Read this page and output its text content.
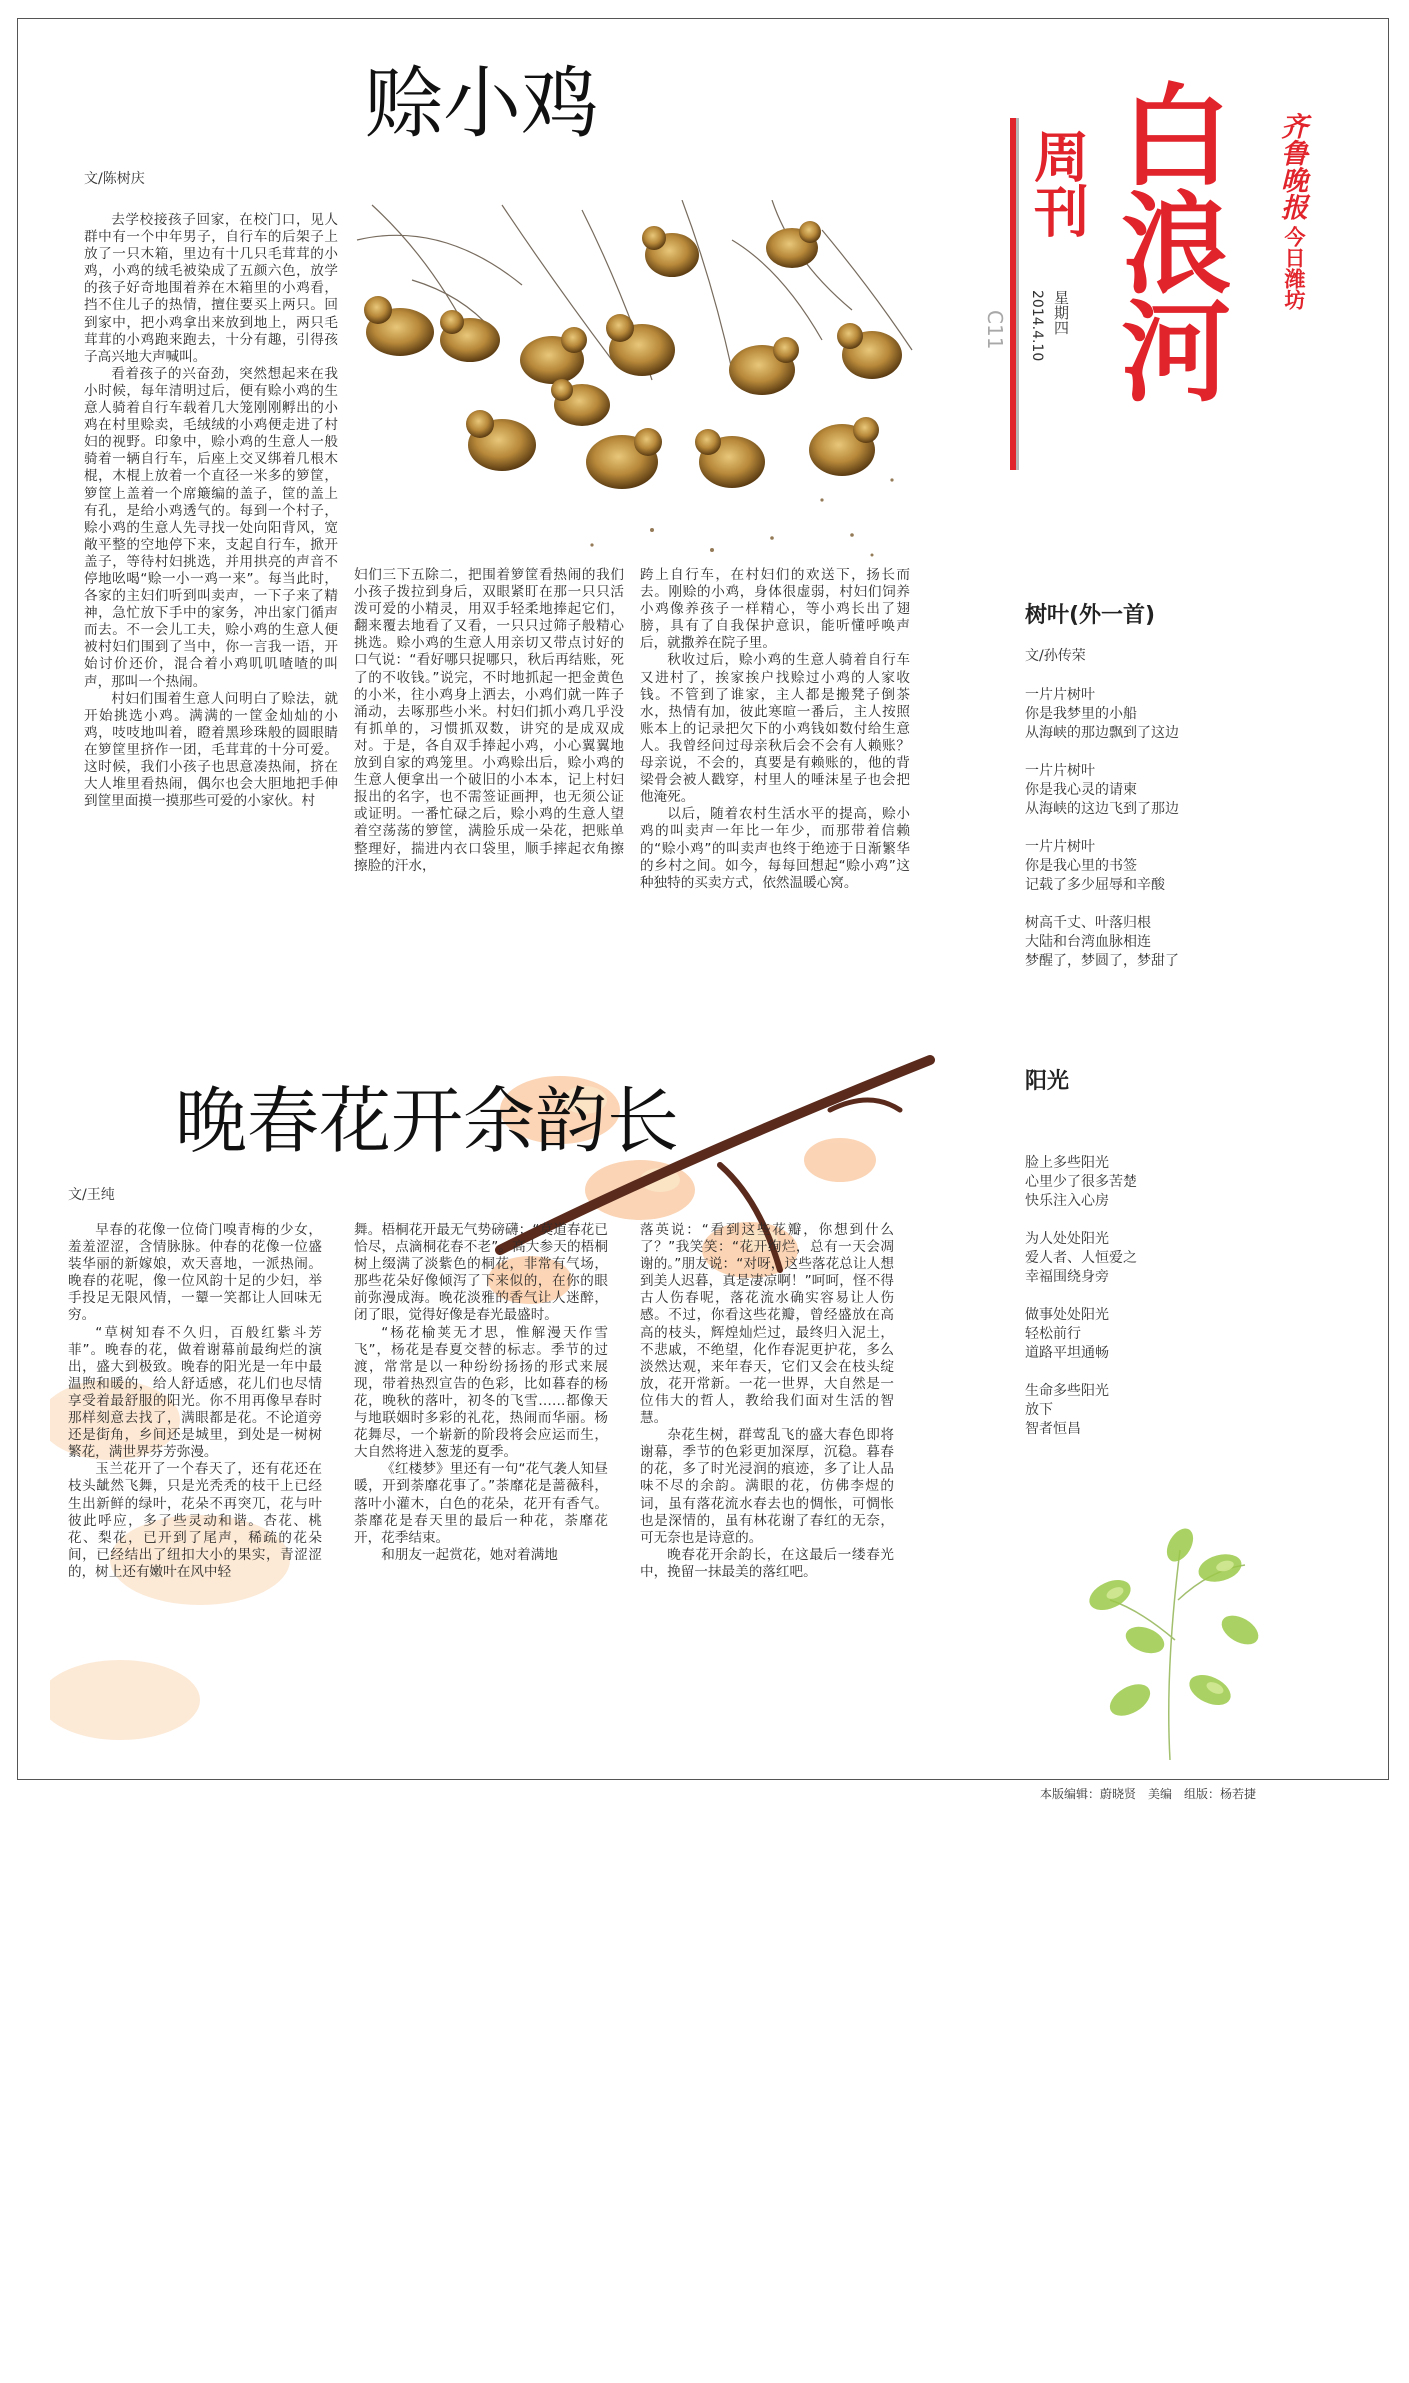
白浪河 齐鲁晚报
今日潍坊
周刊
星期四
2014.4.10
C11
赊小鸡
文/陈树庆

去学校接孩子回家，在校门口，见人群中有一个中年男子，自行车的后架子上放了一只木箱，里边有十几只毛茸茸的小鸡，小鸡的绒毛被染成了五颜六色，放学的孩子好奇地围着养在木箱里的小鸡看，挡不住儿子的热情，擅住要买上两只。回到家中，把小鸡拿出来放到地上，两只毛茸茸的小鸡跑来跑去，十分有趣，引得孩子高兴地大声喊叫。

看着孩子的兴奋劲，突然想起来在我小时候，每年清明过后，便有赊小鸡的生意人骑着自行车载着几大笼刚刚孵出的小鸡在村里赊卖，毛绒绒的小鸡便走进了村妇的视野。印象中，赊小鸡的生意人一般骑着一辆自行车，后座上交叉绑着几根木棍，木棍上放着一个直径一米多的箩筐，箩筐上盖着一个席簸编的盖子，筐的盖上有孔，是给小鸡透气的。每到一个村子，赊小鸡的生意人先寻找一处向阳背风，宽敞平整的空地停下来，支起自行车，掀开盖子，等待村妇挑选，并用拱亮的声音不停地吆喝“赊一小一鸡一来”。每当此时，各家的主妇们听到叫卖声，一下子来了精神，急忙放下手中的家务，冲出家门循声而去。不一会儿工夫，赊小鸡的生意人便被村妇们围到了当中，你一言我一语，开始讨价还价，混合着小鸡叽叽喳喳的叫声，那叫一个热闹。

村妇们围着生意人问明白了赊法，就开始挑选小鸡。满满的一筐金灿灿的小鸡，吱吱地叫着，瞪着黑珍珠般的圆眼睛在箩筐里挤作一团，毛茸茸的十分可爱。这时候，我们小孩子也思意凑热闹，挤在大人堆里看热闹，偶尔也会大胆地把手伸到筐里面摸一摸那些可爱的小家伙。村

妇们三下五除二，把围着箩筐看热闹的我们小孩子拨拉到身后，双眼紧盯在那一只只活泼可爱的小精灵，用双手轻柔地捧起它们，翻来覆去地看了又看，一只只过筛子般精心挑选。赊小鸡的生意人用亲切又带点讨好的口气说：“看好哪只捉哪只，秋后再结账，死了的不收钱。”说完，不时地抓起一把金黄色的小米，往小鸡身上洒去，小鸡们就一阵子涌动，去啄那些小米。村妇们抓小鸡几乎没有抓单的，习惯抓双数，讲究的是成双成对。于是，各自双手捧起小鸡，小心翼翼地放到自家的鸡笼里。小鸡赊出后，赊小鸡的生意人便拿出一个破旧的小本本，记上村妇报出的名字，也不需签证画押，也无须公证或证明。一番忙碌之后，赊小鸡的生意人望着空荡荡的箩筐，满脸乐成一朵花，把账单整理好，揣进内衣口袋里，顺手摔起衣角擦擦脸的汗水，

跨上自行车，在村妇们的欢送下，扬长而去。刚赊的小鸡，身体很虚弱，村妇们饲养小鸡像养孩子一样精心，等小鸡长出了翅膀，具有了自我保护意识，能听懂呼唤声后，就撒养在院子里。

秋收过后，赊小鸡的生意人骑着自行车又进村了，挨家挨户找赊过小鸡的人家收钱。不管到了谁家，主人都是搬凳子倒茶水，热情有加，彼此寒暄一番后，主人按照账本上的记录把欠下的小鸡钱如数付给生意人。我曾经问过母亲秋后会不会有人赖账？母亲说，不会的，真要是有赖账的，他的背梁骨会被人戳穿，村里人的唾沫星子也会把他淹死。

以后，随着农村生活水平的提高，赊小鸡的叫卖声一年比一年少，而那带着信赖的“赊小鸡”的叫卖声也终于绝迹于日渐繁华的乡村之间。如今，每每回想起“赊小鸡”这种独特的买卖方式，依然温暖心窝。

晚春花开余韵长
文/王纯

早春的花像一位倚门嗅青梅的少女，羞羞涩涩，含情脉脉。仲春的花像一位盛装华丽的新嫁娘，欢天喜地，一派热闹。晚春的花呢，像一位风韵十足的少妇，举手投足无限风情，一颦一笑都让人回味无穷。

“草树知春不久归，百般红紫斗芳菲”。晚春的花，做着谢幕前最绚烂的演出，盛大到极致。晚春的阳光是一年中最温煦和暖的，给人舒适感，花儿们也尽情享受着最舒服的阳光。你不用再像早春时那样刻意去找了，满眼都是花。不论道旁还是街角，乡间还是城里，到处是一树树繁花，满世界芬芳弥漫。

玉兰花开了一个春天了，还有花还在枝头龇然飞舞，只是光秃秃的枝干上已经生出新鲜的绿叶，花朵不再突兀，花与叶彼此呼应，多了些灵动和谐。杏花、桃花、梨花，已开到了尾声，稀疏的花朵间，已经结出了纽扣大小的果实，青涩涩的，树上还有嫩叶在风中轻

舞。梧桐花开最无气势磅礴：“莫道春花已恰尽，点滴桐花春不老”。高大参天的梧桐树上缀满了淡紫色的桐花，非常有气场，那些花朵好像倾泻了下来似的，在你的眼前弥漫成海。晚花淡雅的香气让人迷醉，闭了眼，觉得好像是春光最盛时。

“杨花榆荚无才思，惟解漫天作雪飞”，杨花是春夏交替的标志。季节的过渡，常常是以一种纷纷扬扬的形式来展现，带着热烈宣告的色彩，比如暮春的杨花，晚秋的落叶，初冬的飞雪……都像天与地联姻时多彩的礼花，热闹而华丽。杨花舞尽，一个崭新的阶段将会应运而生，大自然将进入葱茏的夏季。

《红楼梦》里还有一句“花气袭人知昼暖，开到荼靡花事了。”荼靡花是蔷薇科，落叶小灌木，白色的花朵，花开有香气。荼靡花是春天里的最后一种花，荼靡花开，花季结束。

和朋友一起赏花，她对着满地

落英说：“看到这些花瓣，你想到什么了？”我笑笑：“花开绚烂，总有一天会凋谢的。”朋友说：“对呀，这些落花总让人想到美人迟暮，真是凄凉啊！”呵呵，怪不得古人伤春呢，落花流水确实容易让人伤感。不过，你看这些花瓣，曾经盛放在高高的枝头，辉煌灿烂过，最终归入泥土，不悲戚，不绝望，化作春泥更护花，多么淡然达观，来年春天，它们又会在枝头绽放，花开常新。一花一世界，大自然是一位伟大的哲人，教给我们面对生活的智慧。

杂花生树，群莺乱飞的盛大春色即将谢幕，季节的色彩更加深厚，沉稳。暮春的花，多了时光浸润的痕迹，多了让人品味不尽的余韵。满眼的花，仿佛李煜的词，虽有落花流水春去也的惆怅，可惆怅也是深情的，虽有林花谢了春红的无奈，可无奈也是诗意的。

晚春花开余韵长，在这最后一缕春光中，挽留一抹最美的落红吧。

树叶(外一首)
文/孙传荣
一片片树叶
你是我梦里的小船
从海峡的那边飘到了这边
一片片树叶
你是我心灵的请柬
从海峡的这边飞到了那边
一片片树叶
你是我心里的书签
记载了多少屈辱和辛酸
树高千丈、叶落归根
大陆和台湾血脉相连
梦醒了，梦圆了，梦甜了
阳光
脸上多些阳光
心里少了很多苦楚
快乐注入心房
为人处处阳光
爱人者、人恒爱之
幸福围绕身旁
做事处处阳光
轻松前行
道路平坦通畅
生命多些阳光
放下
智者恒昌
本版编辑：蔚晓贤　美编　组版：杨若捷
